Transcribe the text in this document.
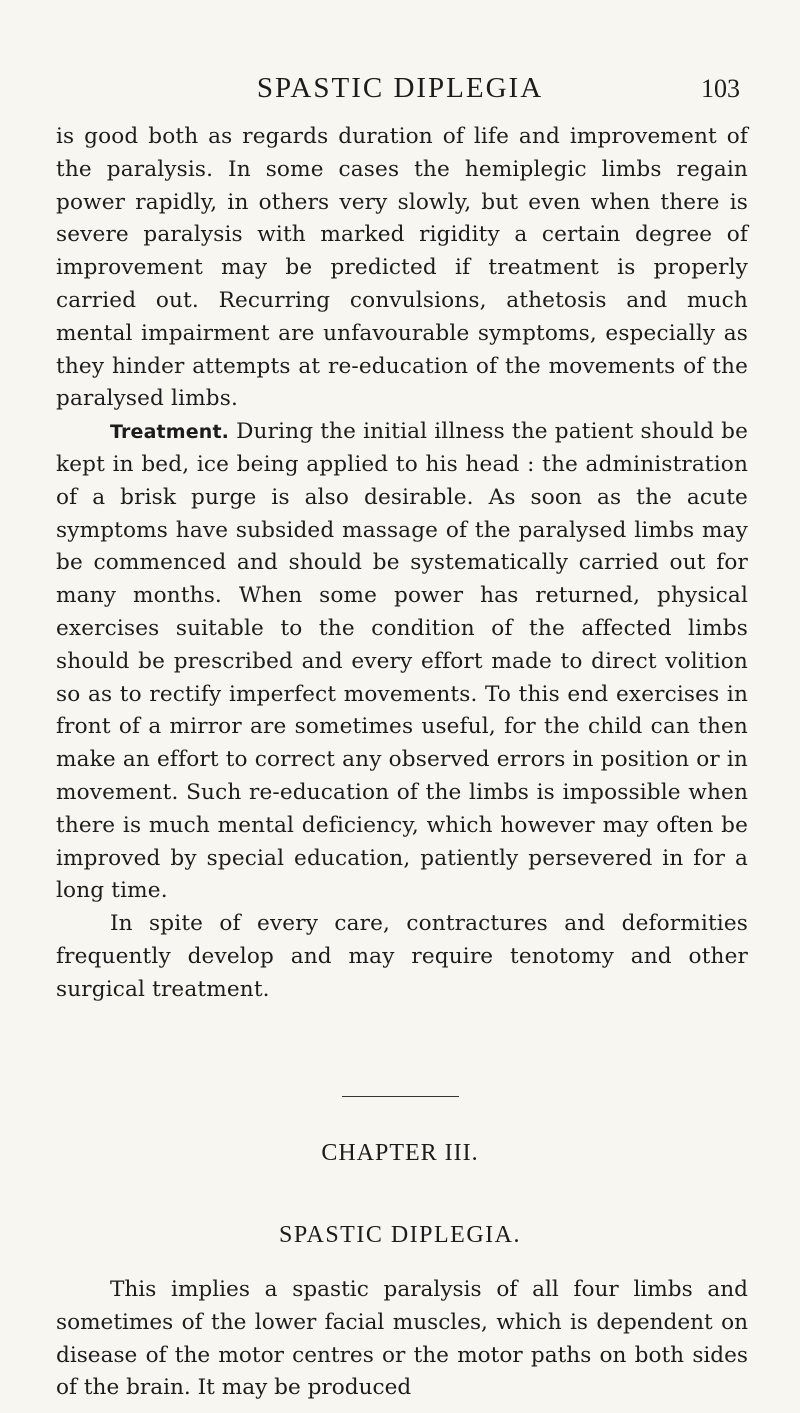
SPASTIC DIPLEGIA	103

is good both as regards duration of life and improvement of the paralysis. In some cases the hemiplegic limbs regain power rapidly, in others very slowly, but even when there is severe paralysis with marked rigidity a certain degree of improvement may be predicted if treatment is properly carried out. Recurring convulsions, athetosis and much mental impairment are unfavourable symptoms, especially as they hinder attempts at re-education of the movements of the paralysed limbs.

Treatment. During the initial illness the patient should be kept in bed, ice being applied to his head : the administration of a brisk purge is also desirable. As soon as the acute symptoms have subsided massage of the paralysed limbs may be commenced and should be systematically carried out for many months. When some power has returned, physical exercises suitable to the condition of the affected limbs should be prescribed and every effort made to direct volition so as to rectify imperfect movements. To this end exercises in front of a mirror are sometimes useful, for the child can then make an effort to correct any observed errors in position or in movement. Such re-education of the limbs is impossible when there is much mental deficiency, which however may often be improved by special education, patiently persevered in for a long time.

In spite of every care, contractures and deformities frequently develop and may require tenotomy and other surgical treatment.

CHAPTER III.
SPASTIC DIPLEGIA.

This implies a spastic paralysis of all four limbs and sometimes of the lower facial muscles, which is dependent on disease of the motor centres or the motor paths on both sides of the brain. It may be produced
